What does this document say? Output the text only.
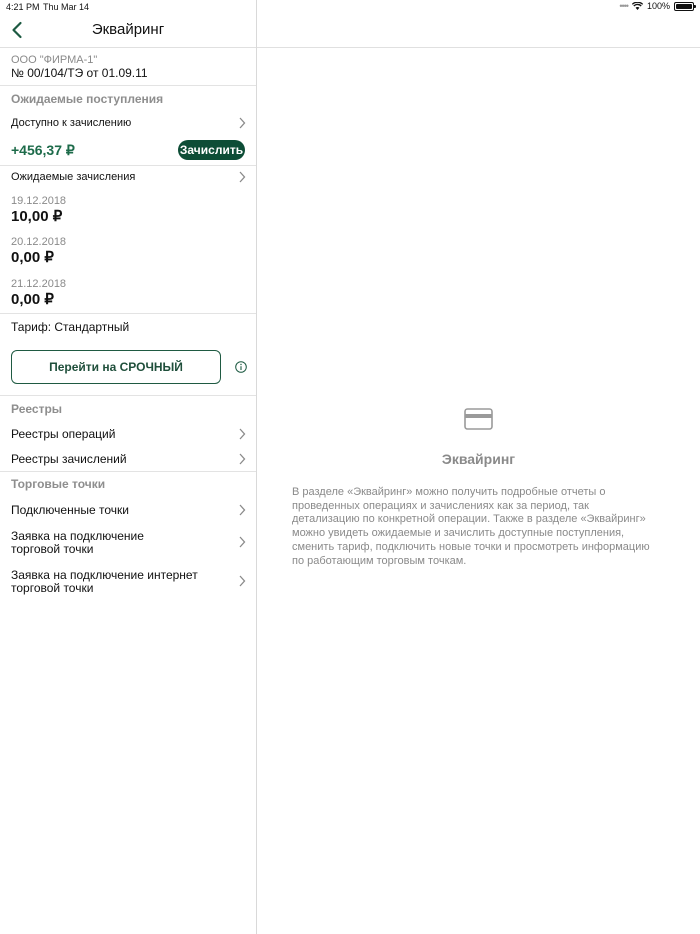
4:21 PM Thu Mar 14	•••• 100%
Эквайринг
ООО "ФИРМА-1"
№ 00/104/ТЭ от 01.09.11
Ожидаемые поступления
Доступно к зачислению
+456,37 ₽	Зачислить
Ожидаемые зачисления
19.12.2018
10,00 ₽
20.12.2018
0,00 ₽
21.12.2018
0,00 ₽
Тариф: Стандартный
Перейти на СРОЧНЫЙ
Реестры
Реестры операций
Реестры зачислений
Торговые точки
Подключенные точки
Заявка на подключение
торговой точки
Заявка на подключение интернет
торговой точки
Эквайринг
В разделе «Эквайринг» можно получить подробные отчеты о проведенных операциях и зачислениях как за период, так детализацию по конкретной операции. Также в разделе «Эквайринг» можно увидеть ожидаемые и зачислить доступные поступления, сменить тариф, подключить новые точки и просмотреть информацию по работающим торговым точкам.
